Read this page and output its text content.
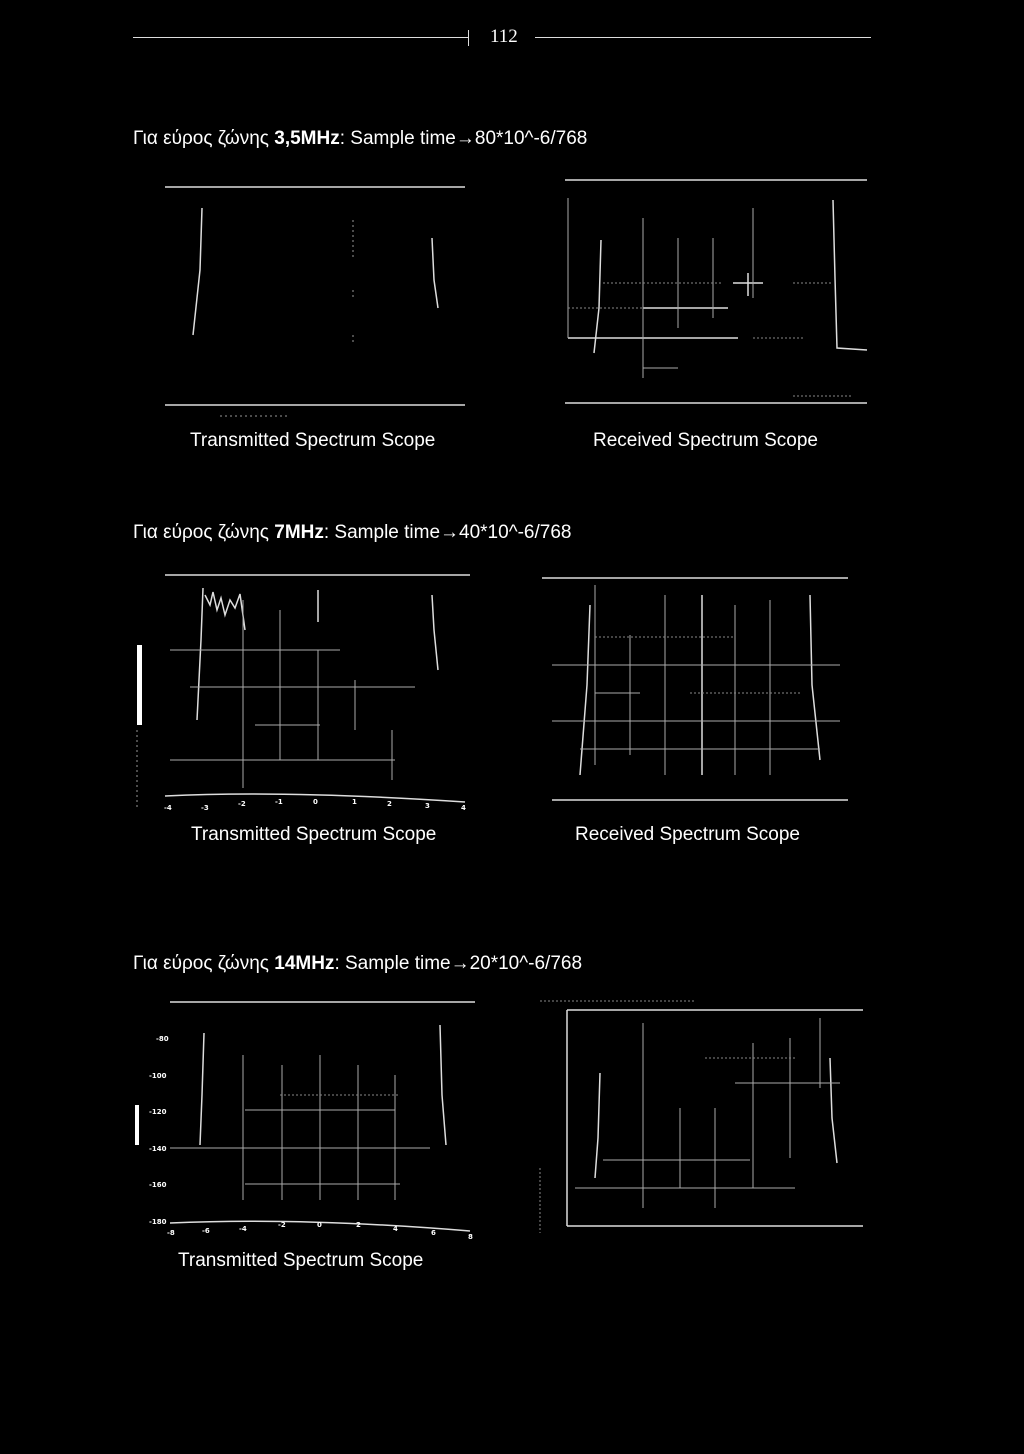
112
Για εύρος ζώνης 3,5MHz: Sample time→80*10^-6/768
Transmitted Spectrum Scope	Received Spectrum Scope
Για εύρος ζώνης 7MHz: Sample time→40*10^-6/768
-4	-3	-2	-1	0	1	2	3	4
Transmitted Spectrum Scope	Received Spectrum Scope
Για εύρος ζώνης 14MHz: Sample time→20*10^-6/768
-80
-100
-120
-140
-160
-180
-8	-6	-4	-2	0	2	4	6	8
Transmitted Spectrum Scope
